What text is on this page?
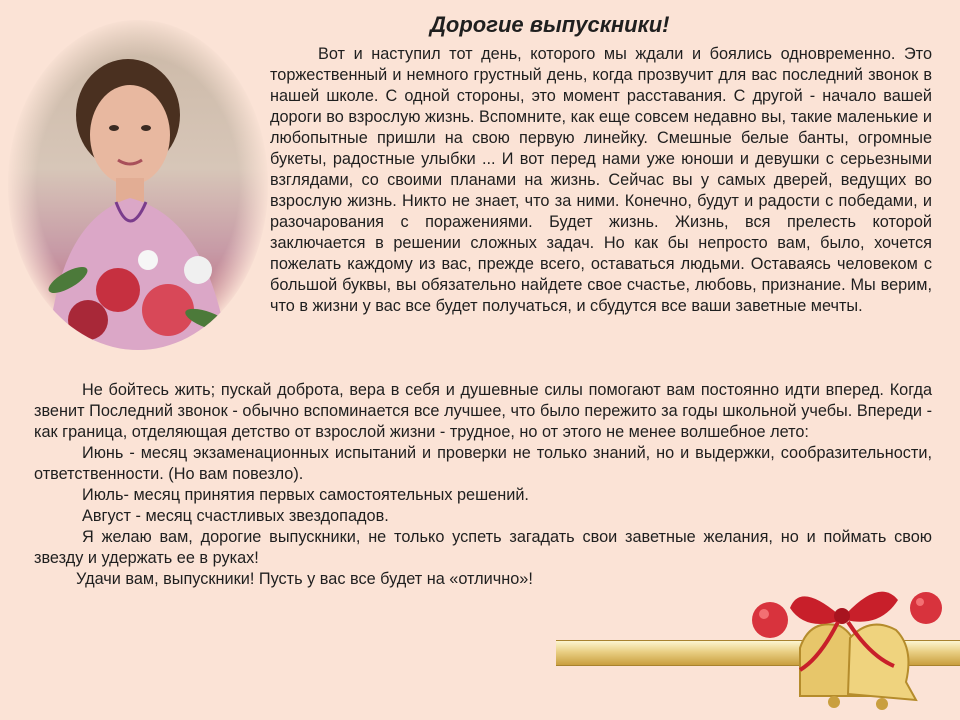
Дорогие выпускники!

Вот и наступил тот день, которого мы ждали и боялись одновременно. Это торжественный и немного грустный день, когда прозвучит для вас последний звонок в нашей школе. С одной стороны, это момент расставания. С другой - начало вашей дороги во взрослую жизнь. Вспомните, как еще совсем недавно вы, такие маленькие и любопытные пришли на свою первую линейку. Смешные белые банты, огромные букеты, радостные улыбки ... И вот перед нами уже юноши и девушки с серьезными взглядами, со своими планами на жизнь. Сейчас вы у самых дверей, ведущих во взрослую жизнь. Никто не знает, что за ними. Конечно, будут и радости с победами, и разочарования с поражениями. Будет жизнь. Жизнь, вся прелесть которой заключается в решении сложных задач. Но как бы непросто вам, было, хочется пожелать каждому из вас, прежде всего, оставаться людьми. Оставаясь человеком с большой буквы, вы обязательно найдете свое счастье, любовь, признание. Мы верим, что в жизни у вас все будет получаться, и сбудутся все ваши заветные мечты.

Не бойтесь жить; пускай доброта, вера в себя и душевные силы помогают вам постоянно идти вперед. Когда звенит Последний звонок - обычно вспоминается все лучшее, что было пережито за годы школьной учебы. Впереди - как граница, отделяющая детство от взрослой жизни - трудное, но от этого не менее волшебное лето:

Июнь - месяц экзаменационных испытаний и проверки не только знаний, но и выдержки, сообразительности, ответственности. (Но вам повезло).

Июль- месяц принятия первых самостоятельных решений.

Август - месяц счастливых звездопадов.

Я желаю вам, дорогие выпускники, не только успеть загадать свои заветные желания, но и поймать свою звезду и удержать ее в руках!

Удачи вам, выпускники! Пусть у вас все будет на «отлично»!
